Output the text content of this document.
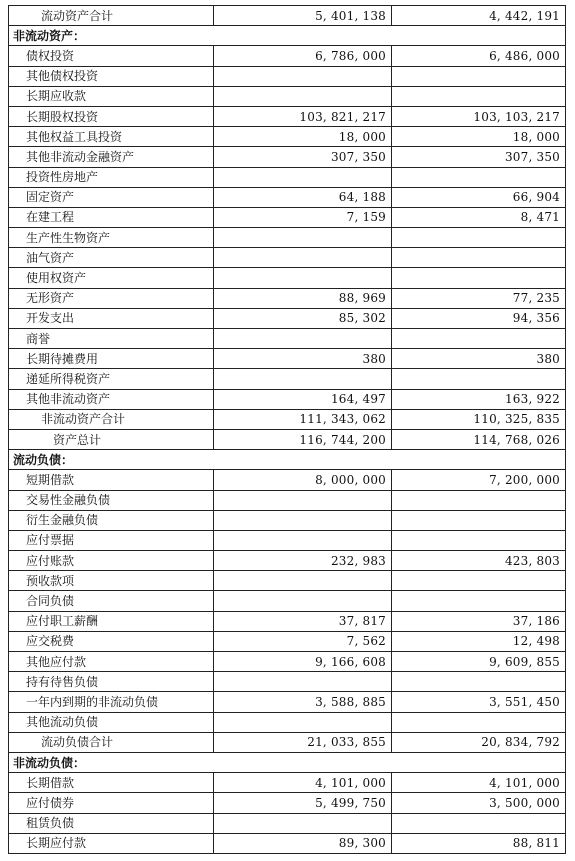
流动资产合计	5, 401, 138	4, 442, 191
非流动资产：		
债权投资	6, 786, 000	6, 486, 000
其他债权投资		
长期应收款		
长期股权投资	103, 821, 217	103, 103, 217
其他权益工具投资	18, 000	18, 000
其他非流动金融资产	307, 350	307, 350
投资性房地产		
固定资产	64, 188	66, 904
在建工程	7, 159	8, 471
生产性生物资产		
油气资产		
使用权资产		
无形资产	88, 969	77, 235
开发支出	85, 302	94, 356
商誉		
长期待摊费用	380	380
递延所得税资产		
其他非流动资产	164, 497	163, 922
非流动资产合计	111, 343, 062	110, 325, 835
资产总计	116, 744, 200	114, 768, 026
流动负债：		
短期借款	8, 000, 000	7, 200, 000
交易性金融负债		
衍生金融负债		
应付票据		
应付账款	232, 983	423, 803
预收款项		
合同负债		
应付职工薪酬	37, 817	37, 186
应交税费	7, 562	12, 498
其他应付款	9, 166, 608	9, 609, 855
持有待售负债		
一年内到期的非流动负债	3, 588, 885	3, 551, 450
其他流动负债		
流动负债合计	21, 033, 855	20, 834, 792
非流动负债：		
长期借款	4, 101, 000	4, 101, 000
应付债券	5, 499, 750	3, 500, 000
租赁负债		
长期应付款	89, 300	88, 811
